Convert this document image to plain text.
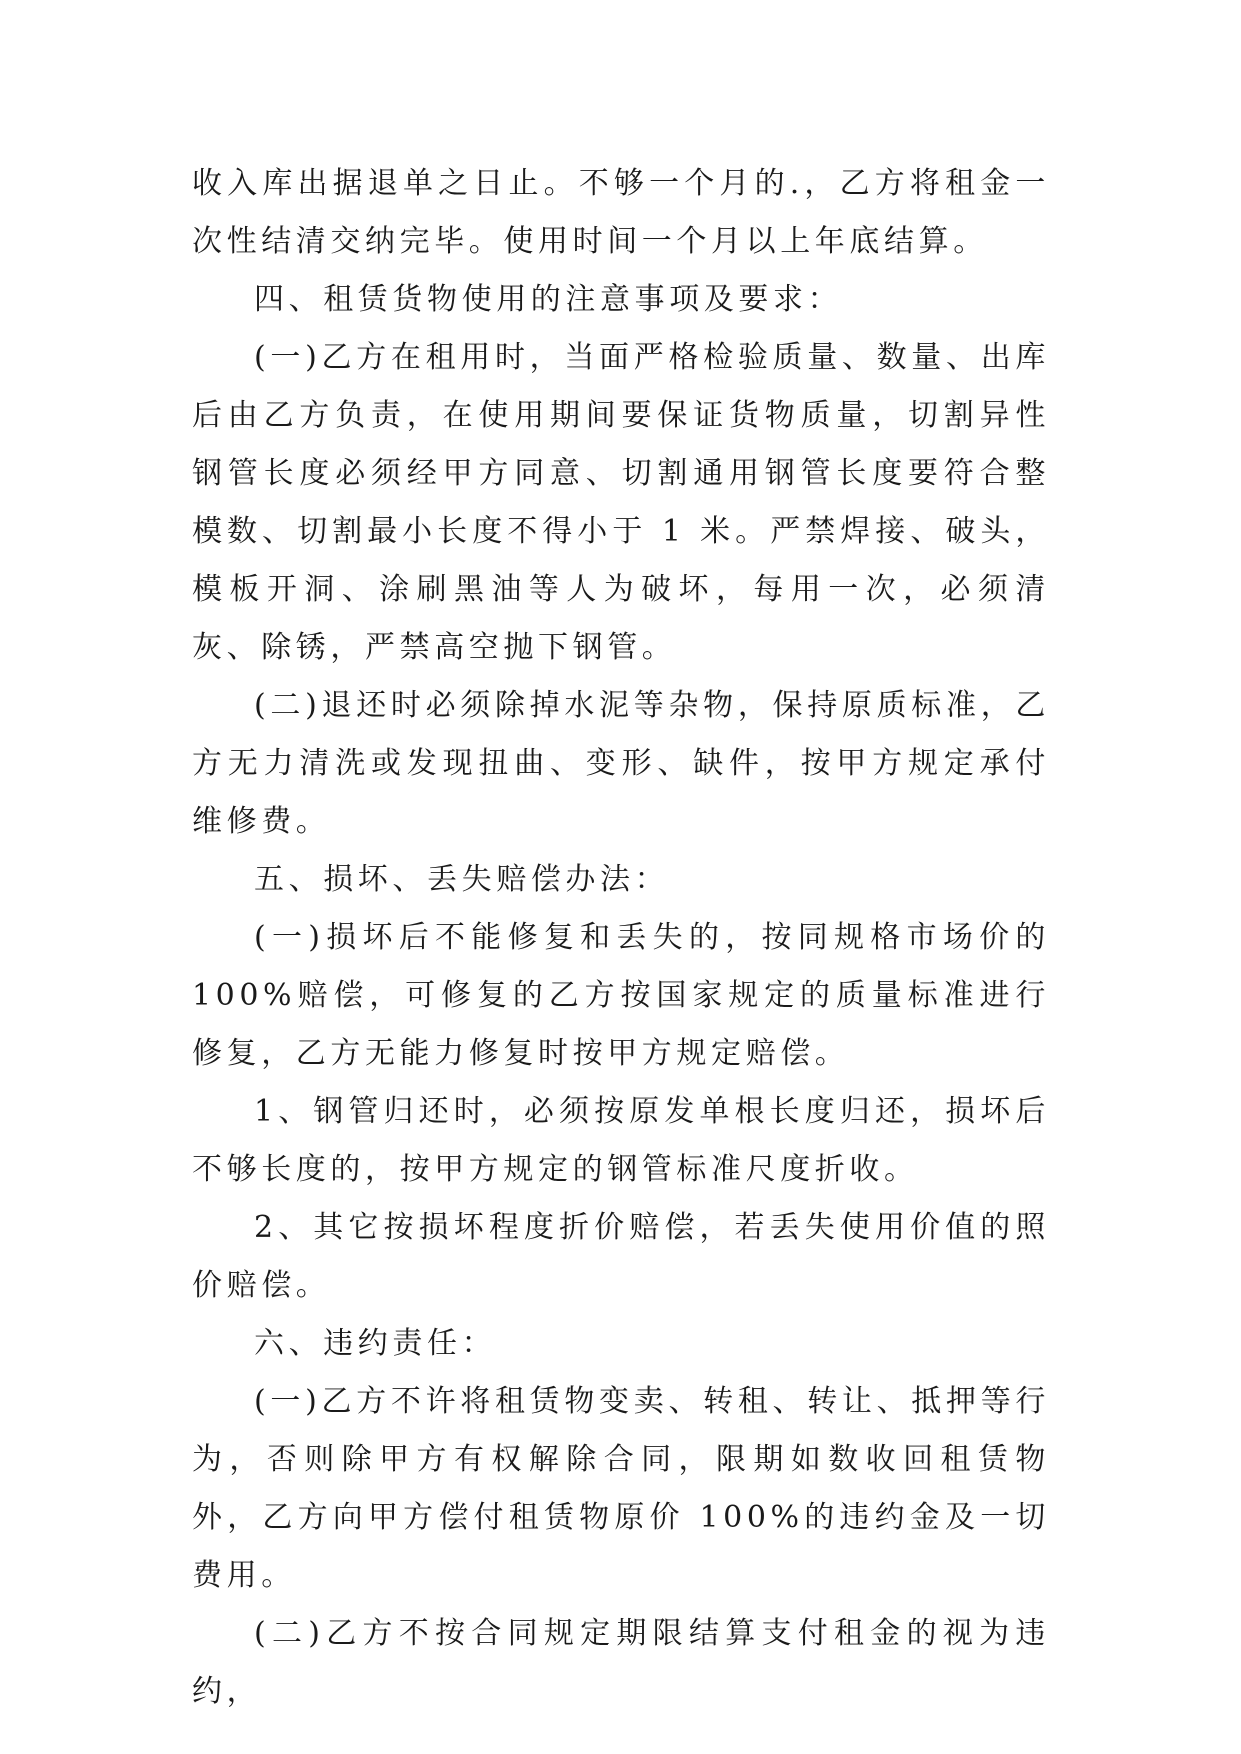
收入库出据退单之日止。不够一个月的.，乙方将租金一次性结清交纳完毕。使用时间一个月以上年底结算。

四、租赁货物使用的注意事项及要求：

(一)乙方在租用时，当面严格检验质量、数量、出库后由乙方负责，在使用期间要保证货物质量，切割异性钢管长度必须经甲方同意、切割通用钢管长度要符合整模数、切割最小长度不得小于 1 米。严禁焊接、破头，模板开洞、涂刷黑油等人为破坏，每用一次，必须清灰、除锈，严禁高空抛下钢管。

(二)退还时必须除掉水泥等杂物，保持原质标准，乙方无力清洗或发现扭曲、变形、缺件，按甲方规定承付维修费。

五、损坏、丢失赔偿办法：

(一)损坏后不能修复和丢失的，按同规格市场价的 100%赔偿，可修复的乙方按国家规定的质量标准进行修复，乙方无能力修复时按甲方规定赔偿。

1、钢管归还时，必须按原发单根长度归还，损坏后不够长度的，按甲方规定的钢管标准尺度折收。

2、其它按损坏程度折价赔偿，若丢失使用价值的照价赔偿。

六、违约责任：

(一)乙方不许将租赁物变卖、转租、转让、抵押等行为，否则除甲方有权解除合同，限期如数收回租赁物外，乙方向甲方偿付租赁物原价 100%的违约金及一切费用。

(二)乙方不按合同规定期限结算支付租金的视为违约，
